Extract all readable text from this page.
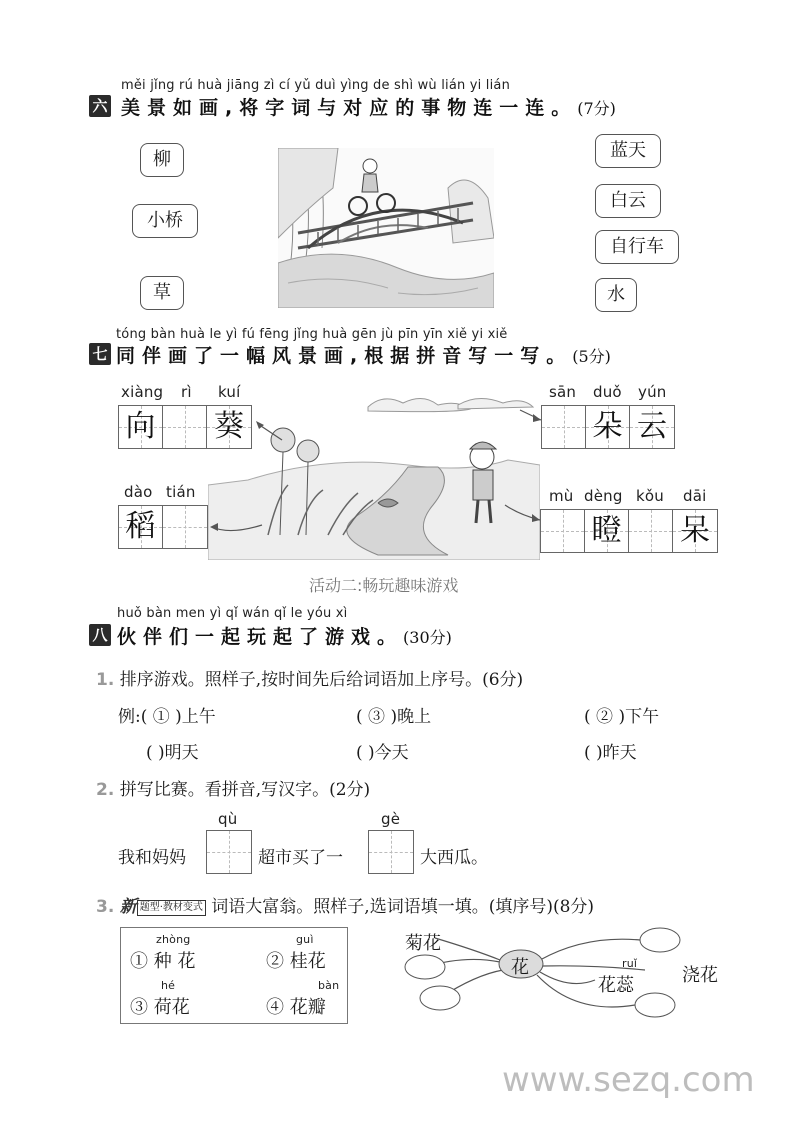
měi jǐng rú huà jiāng zì cí yǔ duì yìng de shì wù lián yi lián
六 美景如画,将字词与对应的事物连一连。(7分)
柳
小桥
草
蓝天
白云
自行车
水
tóng bàn huà le yì fú fēng jǐng huà gēn jù pīn yīn xiě yi xiě
七 同伴画了一幅风景画,根据拼音写一写。(5分)
xiàng rì kuí
向 葵
sān duǒ yún
朵 云
dào tián
稻
mù dèng kǒu dāi
瞪 呆
活动二:畅玩趣味游戏
huǒ bàn men yì qǐ wán qǐ le yóu xì
八 伙伴们一起玩起了游戏。(30分)
1. 排序游戏。照样子,按时间先后给词语加上序号。(6分)
例:( ① )上午	( ③ )晚上	( ② )下午
( )明天	( )今天	( )昨天
2. 拼写比赛。看拼音,写汉字。(2分)
qù	gè
我和妈妈	超市买了一	大西瓜。
3. 新 题型·教材变式 词语大富翁。照样子,选词语填一填。(填序号)(8分)
zhòng
① 种 花
guì
② 桂花
hé
③ 荷花
bàn
④ 花瓣
花
菊花
浇花
ruǐ
花蕊
www.sezq.com
